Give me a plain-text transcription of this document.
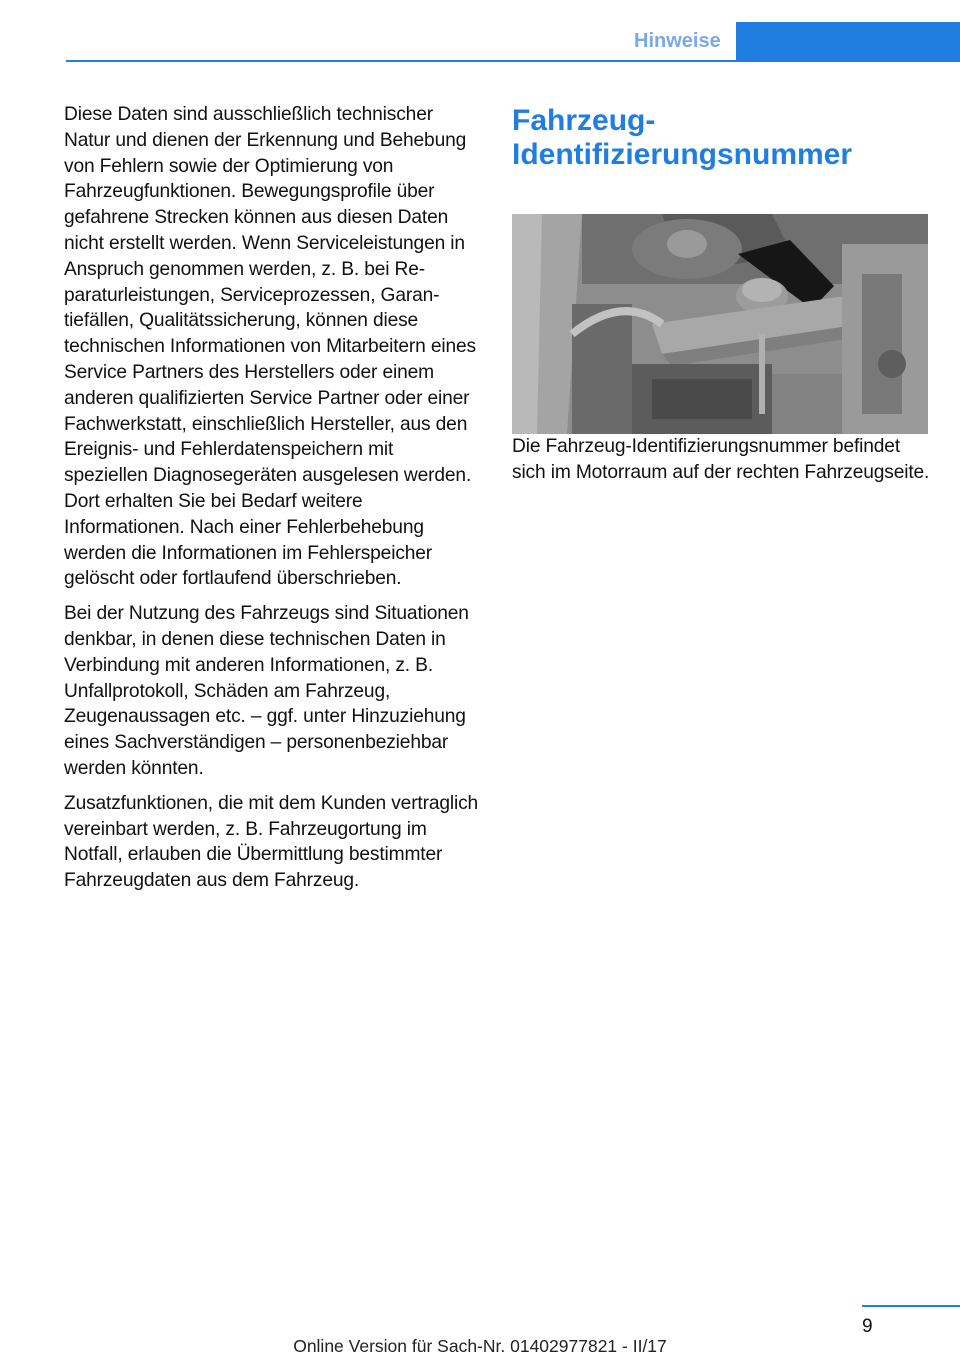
Hinweise

Diese Daten sind ausschließlich technischer Natur und dienen der Erkennung und Behebung von Fehlern sowie der Optimierung von Fahrzeugfunktionen. Bewegungsprofile über gefahrene Strecken können aus diesen Daten nicht erstellt werden. Wenn Serviceleistungen in Anspruch genommen werden, z. B. bei Reparaturleistungen, Serviceprozessen, Garantiefällen, Qualitätssicherung, können diese technischen Informationen von Mitarbeitern eines Service Partners des Herstellers oder einem anderen qualifizierten Service Partner oder einer Fachwerkstatt, einschließlich Hersteller, aus den Ereignis- und Fehlerdatenspeichern mit speziellen Diagnosegeräten ausgelesen werden. Dort erhalten Sie bei Bedarf weitere Informationen. Nach einer Fehlerbehebung werden die Informationen im Fehlerspeicher gelöscht oder fortlaufend überschrieben.

Bei der Nutzung des Fahrzeugs sind Situationen denkbar, in denen diese technischen Daten in Verbindung mit anderen Informationen, z. B. Unfallprotokoll, Schäden am Fahrzeug, Zeugenaussagen etc. – ggf. unter Hinzuziehung eines Sachverständigen – personenbeziehbar werden könnten.

Zusatzfunktionen, die mit dem Kunden vertraglich vereinbart werden, z. B. Fahrzeugortung im Notfall, erlauben die Übermittlung bestimmter Fahrzeugdaten aus dem Fahrzeug.

Fahrzeug-
Identifizierungsnummer

Die Fahrzeug-Identifizierungsnummer befindet sich im Motorraum auf der rechten Fahrzeugseite.

9
Online Version für Sach-Nr. 01402977821 - II/17
